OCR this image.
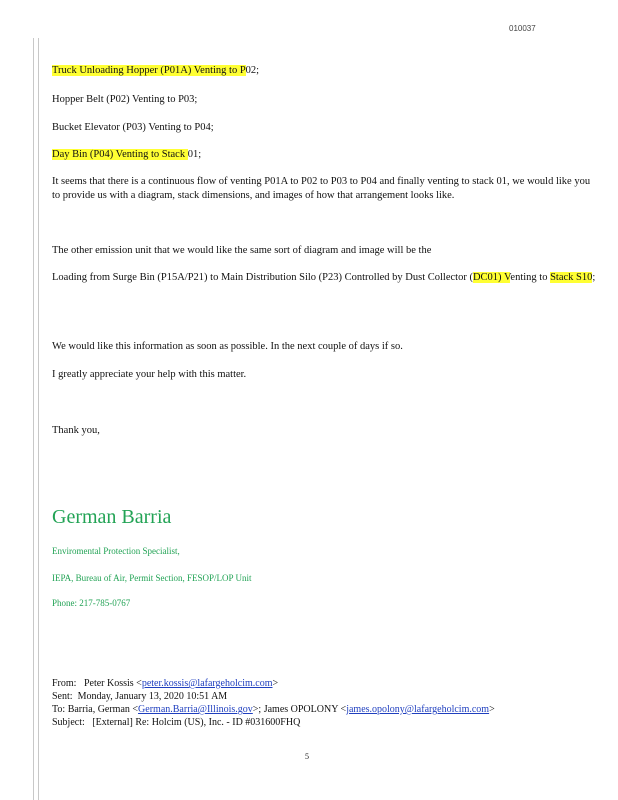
010037
Truck Unloading Hopper (P01A) Venting to P02;
Hopper Belt (P02) Venting to P03;
Bucket Elevator (P03) Venting to P04;
Day Bin (P04) Venting to Stack 01;
It seems that there is a continuous flow of venting P01A to P02 to P03 to P04 and finally venting to stack 01, we would like you to provide us with a diagram, stack dimensions, and images of how that arrangement looks like.
The other emission unit that we would like the same sort of diagram and image will be the
Loading from Surge Bin (P15A/P21) to Main Distribution Silo (P23) Controlled by Dust Collector (DC01) Venting to Stack S10;
We would like this information as soon as possible. In the next couple of days if so.
I greatly appreciate your help with this matter.
Thank you,
German Barria
Enviromental Protection Specialist,
IEPA, Bureau of Air, Permit Section, FESOP/LOP Unit
Phone: 217-785-0767
From: Peter Kossis <peter.kossis@lafargeholcim.com>
Sent: Monday, January 13, 2020 10:51 AM
To: Barria, German <German.Barria@Illinois.gov>; James OPOLONY <james.opolony@lafargeholcim.com>
Subject: [External] Re: Holcim (US), Inc. - ID #031600FHQ
5
